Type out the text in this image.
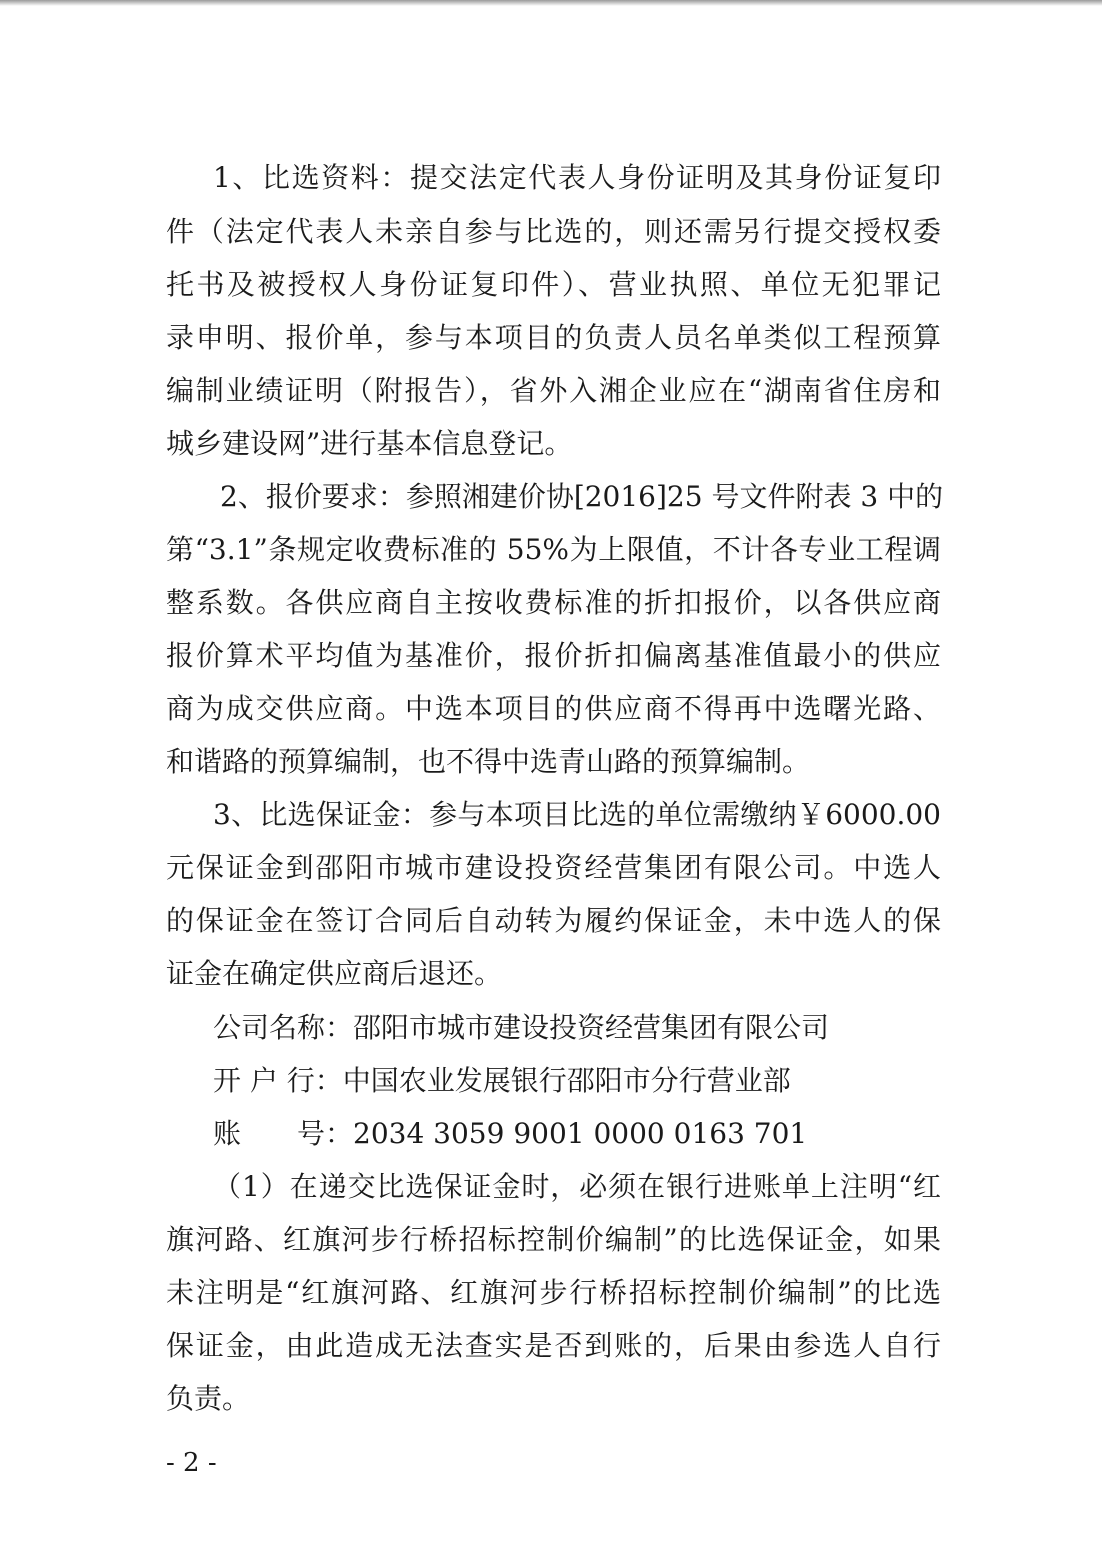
1、比选资料：提交法定代表人身份证明及其身份证复印
件（法定代表人未亲自参与比选的，则还需另行提交授权委
托书及被授权人身份证复印件）、营业执照、单位无犯罪记
录申明、报价单，参与本项目的负责人员名单类似工程预算
编制业绩证明（附报告），省外入湘企业应在“湖南省住房和
城乡建设网”进行基本信息登记。
2、报价要求：参照湘建价协[2016]25 号文件附表 3 中的
第“3.1”条规定收费标准的 55%为上限值，不计各专业工程调
整系数。各供应商自主按收费标准的折扣报价，以各供应商
报价算术平均值为基准价，报价折扣偏离基准值最小的供应
商为成交供应商。中选本项目的供应商不得再中选曙光路、
和谐路的预算编制，也不得中选青山路的预算编制。
3、比选保证金：参与本项目比选的单位需缴纳￥6000.00
元保证金到邵阳市城市建设投资经营集团有限公司。中选人
的保证金在签订合同后自动转为履约保证金，未中选人的保
证金在确定供应商后退还。
公司名称：邵阳市城市建设投资经营集团有限公司
开 户 行：中国农业发展银行邵阳市分行营业部
账　　号：2034 3059 9001 0000 0163 701
（1）在递交比选保证金时，必须在银行进账单上注明“红
旗河路、红旗河步行桥招标控制价编制”的比选保证金，如果
未注明是“红旗河路、红旗河步行桥招标控制价编制”的比选
保证金，由此造成无法查实是否到账的，后果由参选人自行
负责。
- 2 -
